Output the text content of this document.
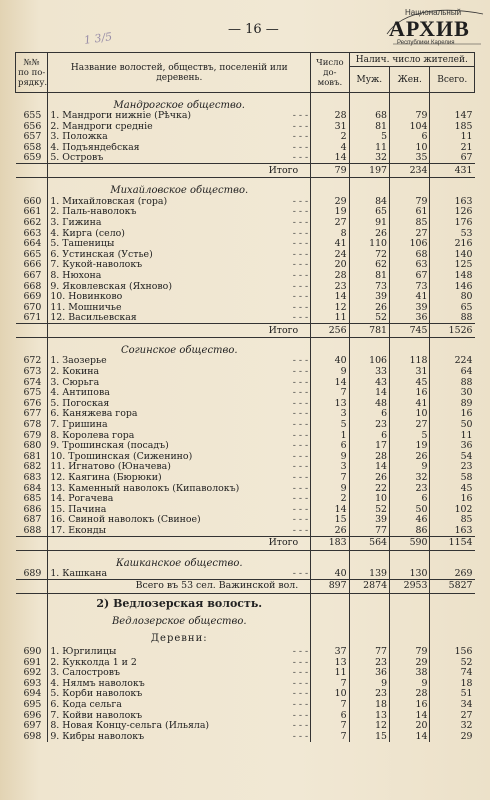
— 16 —
1 3/5
Национальный
АРХИВ
Республики Карелия
№№ по по- рядку.	Название волостей, обществъ, поселеній или деревень.	Число до- мовъ.	Налич. число жителей.		
			Муж.	Жен.	Всего.
	Мандрогское общество.				
655	1. Мандроги нижніе (Рѣчка) - - -	28	68	79	147
656	2. Мандроги средніе - - -	31	81	104	185
657	3. Положка - - -	2	5	6	11
658	4. Подъяндебская - - -	4	11	10	21
659	5. Островъ - - -	14	32	35	67
	Итого	79	197	234	431
	Михайловское общество.				
660	1. Михайловская (гора) - - -	29	84	79	163
661	2. Паль-наволокъ - - -	19	65	61	126
662	3. Гижина - - -	27	91	85	176
663	4. Кирга (село) - - -	8	26	27	53
664	5. Ташеницы - - -	41	110	106	216
665	6. Устинская (Устье) - - -	24	72	68	140
666	7. Кукой-наволокъ - - -	20	62	63	125
667	8. Нюхона - - -	28	81	67	148
668	9. Яковлевская (Яхново) - - -	23	73	73	146
669	10. Новинково - - -	14	39	41	80
670	11. Мошничье - - -	12	26	39	65
671	12. Васильевская - - -	11	52	36	88
	Итого	256	781	745	1526
	Согинское общество.				
672	1. Заозерье - - -	40	106	118	224
673	2. Кокина - - -	9	33	31	64
674	3. Сюрьга - - -	14	43	45	88
675	4. Антипова - - -	7	14	16	30
676	5. Погоская - - -	13	48	41	89
677	6. Каняжева гора - - -	3	6	10	16
678	7. Гришина - - -	5	23	27	50
679	8. Королева гора - - -	1	6	5	11
680	9. Трошинская (посадъ) - - -	6	17	19	36
681	10. Трошинская (Сиженино) - - -	9	28	26	54
682	11. Игнатово (Юначева) - - -	3	14	9	23
683	12. Каягина (Бюрюки) - - -	7	26	32	58
684	13. Каменный наволокъ (Кипаволокъ) - - -	9	22	23	45
685	14. Рогачева - - -	2	10	6	16
686	15. Пачина - - -	14	52	50	102
687	16. Свиной наволокъ (Свиное) - - -	15	39	46	85
688	17. Еконды - - -	26	77	86	163
	Итого	183	564	590	1154
	Кашканское общество.				
689	1. Кашкана - - -	40	139	130	269
	Всего въ 53 сел. Важинской вол.	897	2874	2953	5827
	2) Ведлозерская волость.				
	Ведлозерское общество.				
	Деревни:				
690	1. Юргилицы - - -	37	77	79	156
691	2. Кукколда 1 и 2 - - -	13	23	29	52
692	3. Салостровъ - - -	11	36	38	74
693	4. Нялмъ наволокъ - - -	7	9	9	18
694	5. Корби наволокъ - - -	10	23	28	51
695	6. Кода сельга - - -	7	18	16	34
696	7. Койви наволокъ - - -	6	13	14	27
697	8. Новая Концу-сельга (Ильяла) - - -	7	12	20	32
698	9. Кибры наволокъ - - -	7	15	14	29
